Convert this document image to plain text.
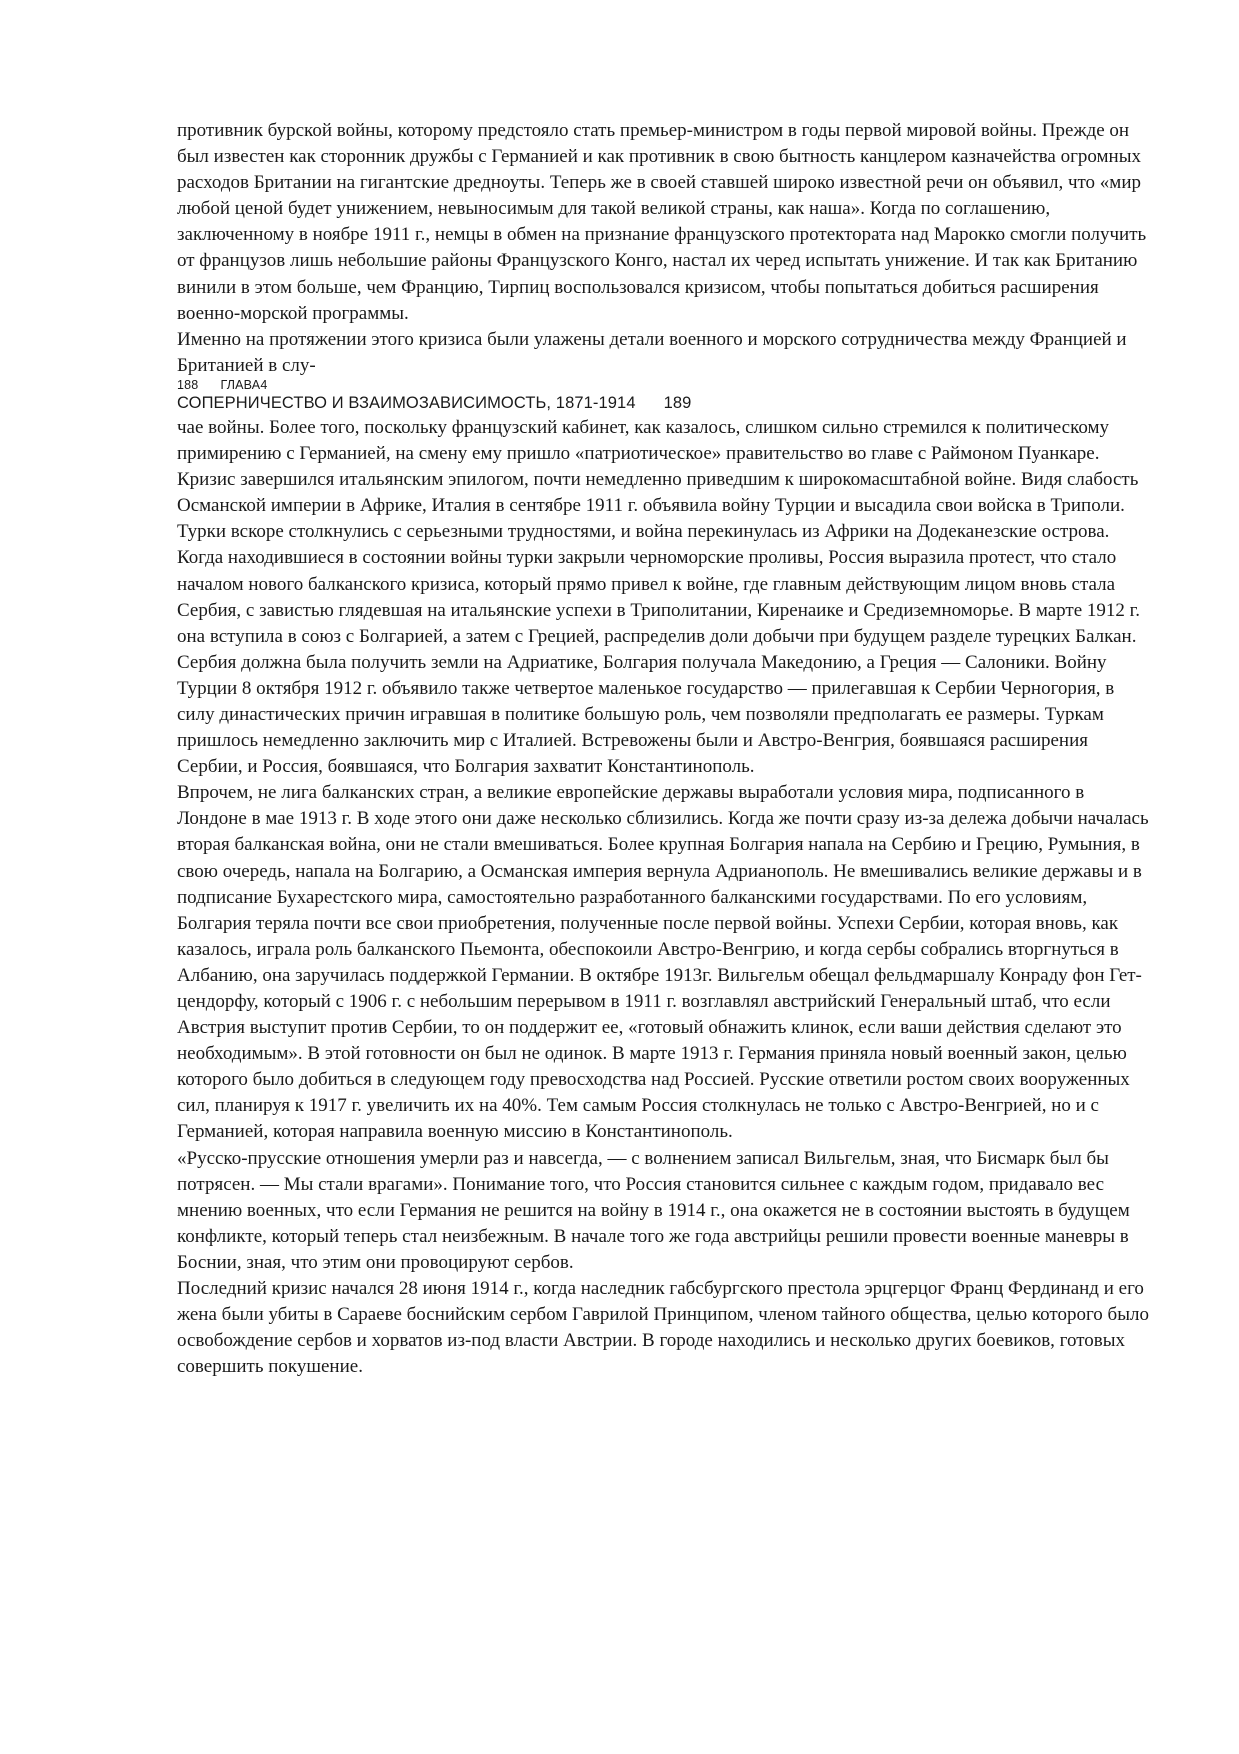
противник бурской войны, которому предстояло стать премьер-министром в годы первой мировой войны. Прежде он был известен как сторонник дружбы с Германией и как противник в свою бытность канцлером казначейства огромных расходов Британии на гигантские дредноуты. Теперь же в своей ставшей широко известной речи он объявил, что «мир любой ценой будет унижением, невыносимым для такой великой страны, как наша». Когда по соглашению, заключенному в ноябре 1911 г., немцы в обмен на признание французского протектората над Марокко смогли получить от французов лишь небольшие районы Французского Конго, настал их черед испытать унижение. И так как Британию винили в этом больше, чем Францию, Тирпиц воспользовался кризисом, чтобы попытаться добиться расширения военно-морской программы.

Именно на протяжении этого кризиса были улажены детали военного и морского сотрудничества между Францией и Британией в слу-

188 ГЛАВА4
СОПЕРНИЧЕСТВО И ВЗАИМОЗАВИСИМОСТЬ, 1871-1914 189

чае войны. Более того, поскольку французский кабинет, как казалось, слишком сильно стремился к политическому примирению с Германией, на смену ему пришло «патриотическое» правительство во главе с Раймоном Пуанкаре. Кризис завершился итальянским эпилогом, почти немедленно приведшим к широкомасштабной войне. Видя слабость Османской империи в Африке, Италия в сентябре 1911 г. объявила войну Турции и высадила свои войска в Триполи. Турки вскоре столкнулись с серьезными трудностями, и война перекинулась из Африки на Додеканезские острова.

Когда находившиеся в состоянии войны турки закрыли черноморские проливы, Россия выразила протест, что стало началом нового балканского кризиса, который прямо привел к войне, где главным действующим лицом вновь стала Сербия, с завистью глядевшая на итальянские успехи в Триполитании, Киренаике и Средиземноморье. В марте 1912 г. она вступила в союз с Болгарией, а затем с Грецией, распределив доли добычи при будущем разделе турецких Балкан. Сербия должна была получить земли на Адриатике, Болгария получала Македонию, а Греция — Салоники. Войну Турции 8 октября 1912 г. объявило также четвертое маленькое государство — прилегавшая к Сербии Черногория, в силу династических причин игравшая в политике большую роль, чем позволяли предполагать ее размеры. Туркам пришлось немедленно заключить мир с Италией. Встревожены были и Австро-Венгрия, боявшаяся расширения Сербии, и Россия, боявшаяся, что Болгария захватит Константинополь.

Впрочем, не лига балканских стран, а великие европейские державы выработали условия мира, подписанного в Лондоне в мае 1913 г. В ходе этого они даже несколько сблизились. Когда же почти сразу из-за дележа добычи началась вторая балканская война, они не стали вмешиваться. Более крупная Болгария напала на Сербию и Грецию, Румыния, в свою очередь, напала на Болгарию, а Османская империя вернула Адрианополь. Не вмешивались великие державы и в подписание Бухарестского мира, самостоятельно разработанного балканскими государствами. По его условиям, Болгария теряла почти все свои приобретения, полученные после первой войны. Успехи Сербии, которая вновь, как казалось, играла роль балканского Пьемонта, обеспокоили Австро-Венгрию, и когда сербы собрались вторгнуться в Албанию, она заручилась поддержкой Германии. В октябре 1913г. Вильгельм обещал фельдмаршалу Конраду фон Гет-цендорфу, который с 1906 г. с небольшим перерывом в 1911 г. возглавлял австрийский Генеральный штаб, что если Австрия выступит против Сербии, то он поддержит ее, «готовый обнажить клинок, если ваши действия сделают это необходимым». В этой готовности он был не одинок. В марте 1913 г. Германия приняла новый военный закон, целью которого было добиться в следующем году превосходства над Россией. Русские ответили ростом своих вооруженных сил, планируя к 1917 г. увеличить их на 40%. Тем самым Россия столкнулась не только с Австро-Венгрией, но и с Германией, которая направила военную миссию в Константинополь.

«Русско-прусские отношения умерли раз и навсегда, — с волнением записал Вильгельм, зная, что Бисмарк был бы потрясен. — Мы стали врагами». Понимание того, что Россия становится сильнее с каждым годом, придавало вес мнению военных, что если Германия не решится на войну в 1914 г., она окажется не в состоянии выстоять в будущем конфликте, который теперь стал неизбежным. В начале того же года австрийцы решили провести военные маневры в Боснии, зная, что этим они провоцируют сербов.

Последний кризис начался 28 июня 1914 г., когда наследник габсбургского престола эрцгерцог Франц Фердинанд и его жена были убиты в Сараеве боснийским сербом Гаврилой Принципом, членом тайного общества, целью которого было освобождение сербов и хорватов из-под власти Австрии. В городе находились и несколько других боевиков, готовых совершить покушение.
